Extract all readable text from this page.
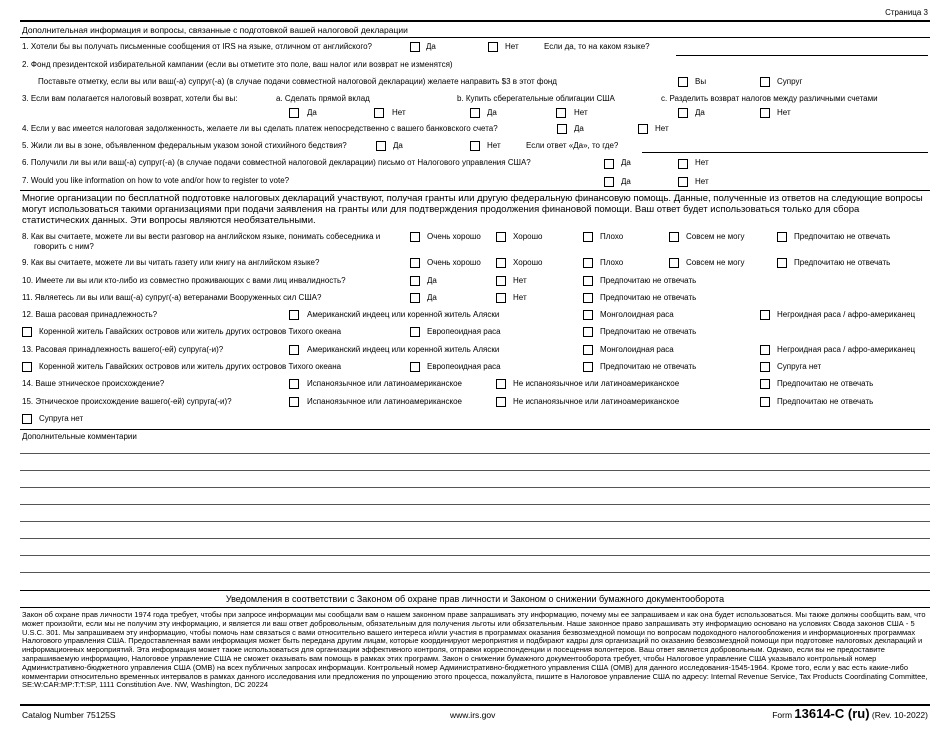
Страница 3
Дополнительная информация и вопросы, связанные с подготовкой вашей налоговой декларации
1. Хотели бы вы получать письменные сообщения от IRS на языке, отличном от английского?	Да	Нет	Если да, то на каком языке?
2. Фонд президентской избирательной кампании (если вы отметите это поле, ваш налог или возврат не изменятся)
Поставьте отметку, если вы или ваш(-а) супруг(-а) (в случае подачи совместной налоговой декларации) желаете направить $3 в этот фонд	Вы	Супруг
3. Если вам полагается налоговый возврат, хотели бы вы:	a. Сделать прямой вклад	b. Купить сберегательные облигации США	c. Разделить возврат налогов между различными счетами
Да	Нет	Да	Нет	Да	Нет
4. Если у вас имеется налоговая задолженность, желаете ли вы сделать платеж непосредственно с вашего банковского счета?	Да	Нет
5. Жили ли вы в зоне, объявленном федеральным указом зоной стихийного бедствия?	Да	Нет	Если ответ «Да», то где?
6. Получили ли вы или ваш(-а) супруг(-а) (в случае подачи совместной налоговой декларации) письмо от Налогового управления США?	Да	Нет
7. Would you like information on how to vote and/or how to register to vote?	Да	Нет
Многие организации по бесплатной подготовке налоговых деклараций участвуют, получая гранты или другую федеральную финансовую помощь. Данные, полученные из ответов на следующие вопросы могут использоваться такими организациями при подачи заявления на гранты или для подтверждения продолжения финановой помощи. Ваш ответ будет использоваться только для сбора статистических данных. Эти вопросы являются необязательными.
8. Как вы считаете, можете ли вы вести разговор на английском языке, понимать собеседника и
говорить с ним?
Очень хорошо	Хорошо	Плохо	Совсем не могу	Предпочитаю не отвечать
9. Как вы считаете, можете ли вы читать газету или книгу на английском языке?	Очень хорошо	Хорошо	Плохо	Совсем не могу	Предпочитаю не отвечать
10. Имеете ли вы или кто-либо из совместно проживающих с вами лиц инвалидность?	Да	Нет	Предпочитаю не отвечать
11. Являетесь ли вы или ваш(-а) супруг(-а) ветеранами Вооруженных сил США?	Да	Нет	Предпочитаю не отвечать
12. Ваша расовая принадлежность?	Американский индеец или коренной житель Аляски	Монголоидная раса	Негроидная раса / афро-американец
Коренной житель Гавайских островов или житель других островов Тихого океана	Европеоидная раса	Предпочитаю не отвечать
13. Расовая принадлежность вашего(-ей) супруга(-и)?	Американский индеец или коренной житель Аляски	Монголоидная раса	Негроидная раса / афро-американец
Коренной житель Гавайских островов или житель других островов Тихого океана	Европеоидная раса	Предпочитаю не отвечать	Супруга нет
14. Ваше этническое происхождение?	Испаноязычное или латиноамериканское	Не испаноязычное или латиноамериканское	Предпочитаю не отвечать
15. Этническое происхождение вашего(-ей) супруга(-и)?	Испаноязычное или латиноамериканское	Не испаноязычное или латиноамериканское	Предпочитаю не отвечать
Супруга нет
Дополнительные комментарии
Уведомления в соответствии с Законом об охране прав личности и Законом о снижении бумажного документооборота
Закон об охране прав личности 1974 года требует, чтобы при запросе информации мы сообщали вам о нашем законном праве запрашивать эту информацию, почему мы ее запрашиваем и как она будет использоваться. Мы также должны сообщить вам, что может произойти, если мы не получим эту информацию, и является ли ваш ответ добровольным, обязательным для получения льготы или обязательным. Наше законное право запрашивать эту информацию основано на условиях Свода законов США - 5 U.S.C. 301. Мы запрашиваем эту информацию, чтобы помочь нам связаться с вами относительно вашего интереса и/или участия в программах оказания безвозмездной помощи по вопросам подоходного налогообложения и информационных программах Налогового управления США. Предоставленная вами информация может быть передана другим лицам, которые координируют мероприятия и подбирают кадры для организаций по оказанию безвозмездной помощи при подготовке налоговых деклараций и информационных мероприятий. Эта информация может также использоваться для организации эффективного контроля, отправки корреспонденции и посещения волонтеров. Ваш ответ является добровольным. Однако, если вы не предоставите запрашиваемую информацию, Налоговое управление США не сможет оказывать вам помощь в рамках этих программ. Закон о снижении бумажного документооборота требует, чтобы Налоговое управление США указывало контрольный номер Административно-бюджетного управления США (OMB) на всех публичных запросах информации. Контрольный номер Административно-бюджетного управления США (OMB) для данного исследования-1545-1964. Кроме того, если у вас есть какие-либо комментарии относительно временных интервалов в рамках данного исследования или предложения по упрощению этого процесса, пожалуйста, пишите в Налоговое управление США по адресу: Internal Revenue Service, Tax Products Coordinating Committee, SE:W:CAR:MP:T:T:SP, 1111 Constitution Ave. NW, Washington, DC 20224
Catalog Number 75125S	www.irs.gov	Form 13614-C (ru) (Rev. 10-2022)
